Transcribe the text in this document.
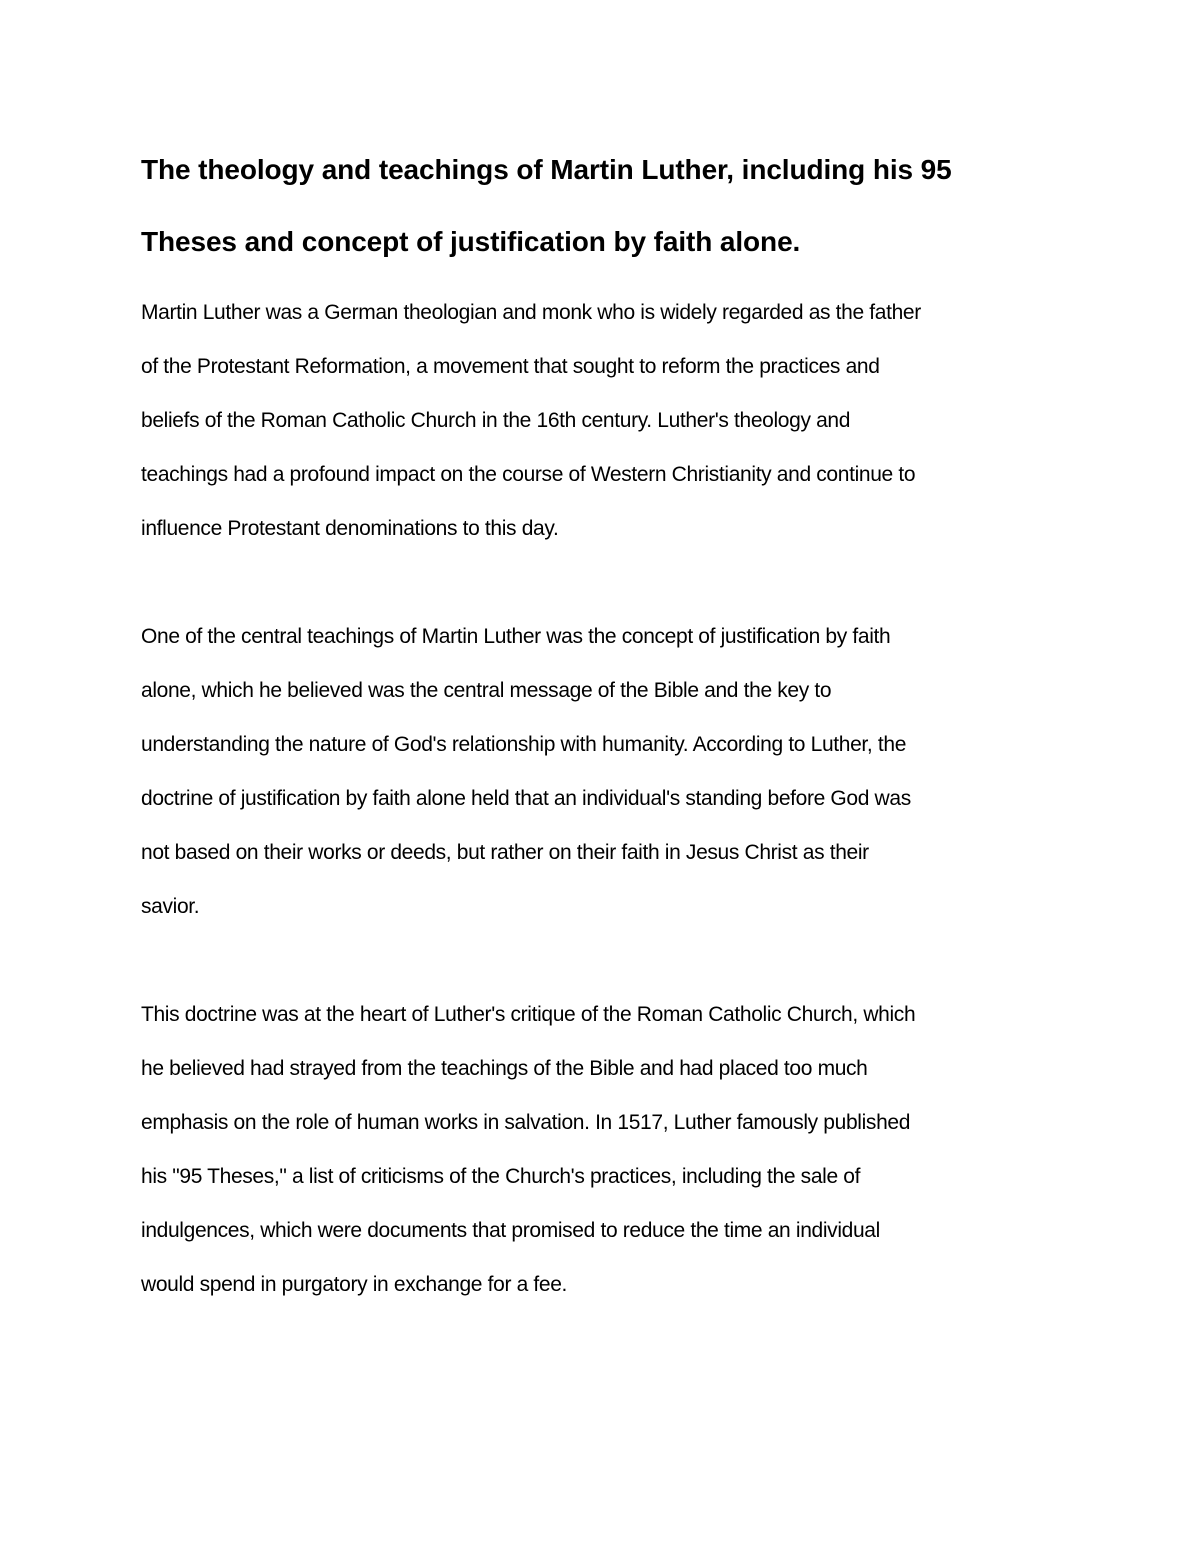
The theology and teachings of Martin Luther, including his 95
Theses and concept of justification by faith alone.

Martin Luther was a German theologian and monk who is widely regarded as the father
of the Protestant Reformation, a movement that sought to reform the practices and
beliefs of the Roman Catholic Church in the 16th century. Luther's theology and
teachings had a profound impact on the course of Western Christianity and continue to
influence Protestant denominations to this day.

One of the central teachings of Martin Luther was the concept of justification by faith
alone, which he believed was the central message of the Bible and the key to
understanding the nature of God's relationship with humanity. According to Luther, the
doctrine of justification by faith alone held that an individual's standing before God was
not based on their works or deeds, but rather on their faith in Jesus Christ as their
savior.

This doctrine was at the heart of Luther's critique of the Roman Catholic Church, which
he believed had strayed from the teachings of the Bible and had placed too much
emphasis on the role of human works in salvation. In 1517, Luther famously published
his "95 Theses," a list of criticisms of the Church's practices, including the sale of
indulgences, which were documents that promised to reduce the time an individual
would spend in purgatory in exchange for a fee.
